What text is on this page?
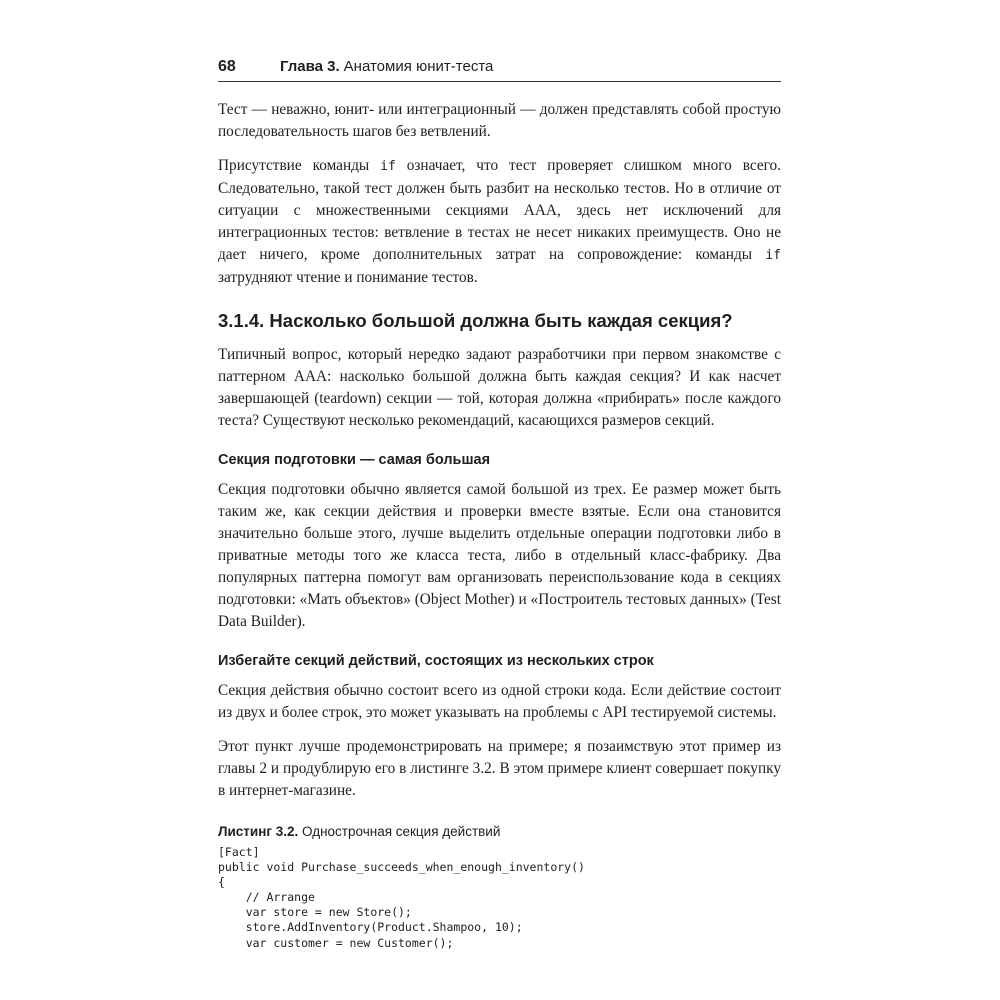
68	Глава 3. Анатомия юнит-теста

Тест — неважно, юнит- или интеграционный — должен представлять собой простую последовательность шагов без ветвлений.

Присутствие команды if означает, что тест проверяет слишком много всего. Следовательно, такой тест должен быть разбит на несколько тестов. Но в отличие от ситуации с множественными секциями ААА, здесь нет исключений для интеграционных тестов: ветвление в тестах не несет никаких преимуществ. Оно не дает ничего, кроме дополнительных затрат на сопровождение: команды if затрудняют чтение и понимание тестов.

3.1.4. Насколько большой должна быть каждая секция?

Типичный вопрос, который нередко задают разработчики при первом знакомстве с паттерном ААА: насколько большой должна быть каждая секция? И как насчет завершающей (teardown) секции — той, которая должна «прибирать» после каждого теста? Существуют несколько рекомендаций, касающихся размеров секций.

Секция подготовки — самая большая

Секция подготовки обычно является самой большой из трех. Ее размер может быть таким же, как секции действия и проверки вместе взятые. Если она становится значительно больше этого, лучше выделить отдельные операции подготовки либо в приватные методы того же класса теста, либо в отдельный класс-фабрику. Два популярных паттерна помогут вам организовать переиспользование кода в секциях подготовки: «Мать объектов» (Object Mother) и «Построитель тестовых данных» (Test Data Builder).

Избегайте секций действий, состоящих из нескольких строк

Секция действия обычно состоит всего из одной строки кода. Если действие состоит из двух и более строк, это может указывать на проблемы с API тестируемой системы.

Этот пункт лучше продемонстрировать на примере; я позаимствую этот пример из главы 2 и продублирую его в листинге 3.2. В этом примере клиент совершает покупку в интернет-магазине.

Листинг 3.2. Однострочная секция действий
[Fact]
public void Purchase_succeeds_when_enough_inventory()
{
// Arrange
var store = new Store();
store.AddInventory(Product.Shampoo, 10);
var customer = new Customer();
